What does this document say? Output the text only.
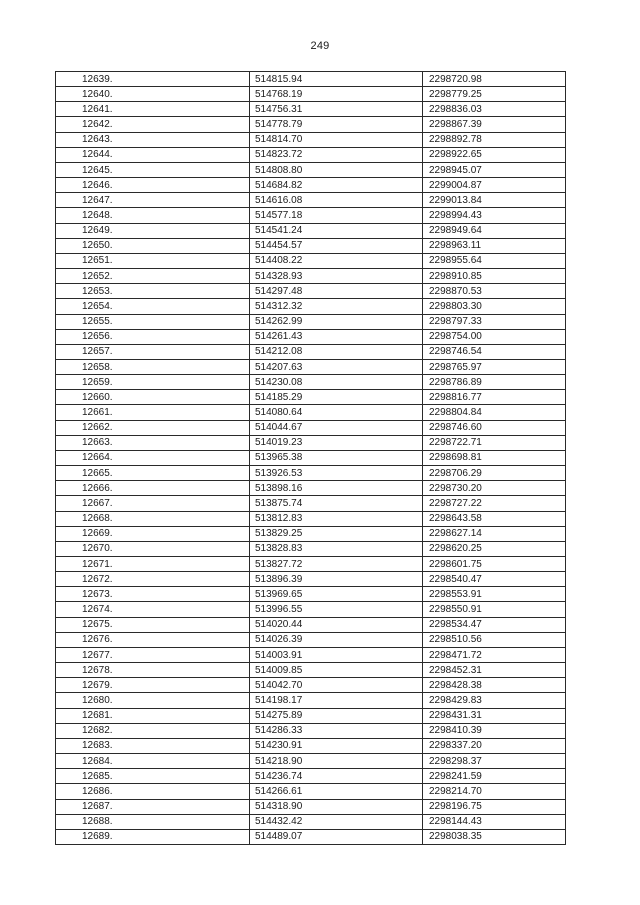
249
12639.	514815.94	2298720.98
12640.	514768.19	2298779.25
12641.	514756.31	2298836.03
12642.	514778.79	2298867.39
12643.	514814.70	2298892.78
12644.	514823.72	2298922.65
12645.	514808.80	2298945.07
12646.	514684.82	2299004.87
12647.	514616.08	2299013.84
12648.	514577.18	2298994.43
12649.	514541.24	2298949.64
12650.	514454.57	2298963.11
12651.	514408.22	2298955.64
12652.	514328.93	2298910.85
12653.	514297.48	2298870.53
12654.	514312.32	2298803.30
12655.	514262.99	2298797.33
12656.	514261.43	2298754.00
12657.	514212.08	2298746.54
12658.	514207.63	2298765.97
12659.	514230.08	2298786.89
12660.	514185.29	2298816.77
12661.	514080.64	2298804.84
12662.	514044.67	2298746.60
12663.	514019.23	2298722.71
12664.	513965.38	2298698.81
12665.	513926.53	2298706.29
12666.	513898.16	2298730.20
12667.	513875.74	2298727.22
12668.	513812.83	2298643.58
12669.	513829.25	2298627.14
12670.	513828.83	2298620.25
12671.	513827.72	2298601.75
12672.	513896.39	2298540.47
12673.	513969.65	2298553.91
12674.	513996.55	2298550.91
12675.	514020.44	2298534.47
12676.	514026.39	2298510.56
12677.	514003.91	2298471.72
12678.	514009.85	2298452.31
12679.	514042.70	2298428.38
12680.	514198.17	2298429.83
12681.	514275.89	2298431.31
12682.	514286.33	2298410.39
12683.	514230.91	2298337.20
12684.	514218.90	2298298.37
12685.	514236.74	2298241.59
12686.	514266.61	2298214.70
12687.	514318.90	2298196.75
12688.	514432.42	2298144.43
12689.	514489.07	2298038.35
